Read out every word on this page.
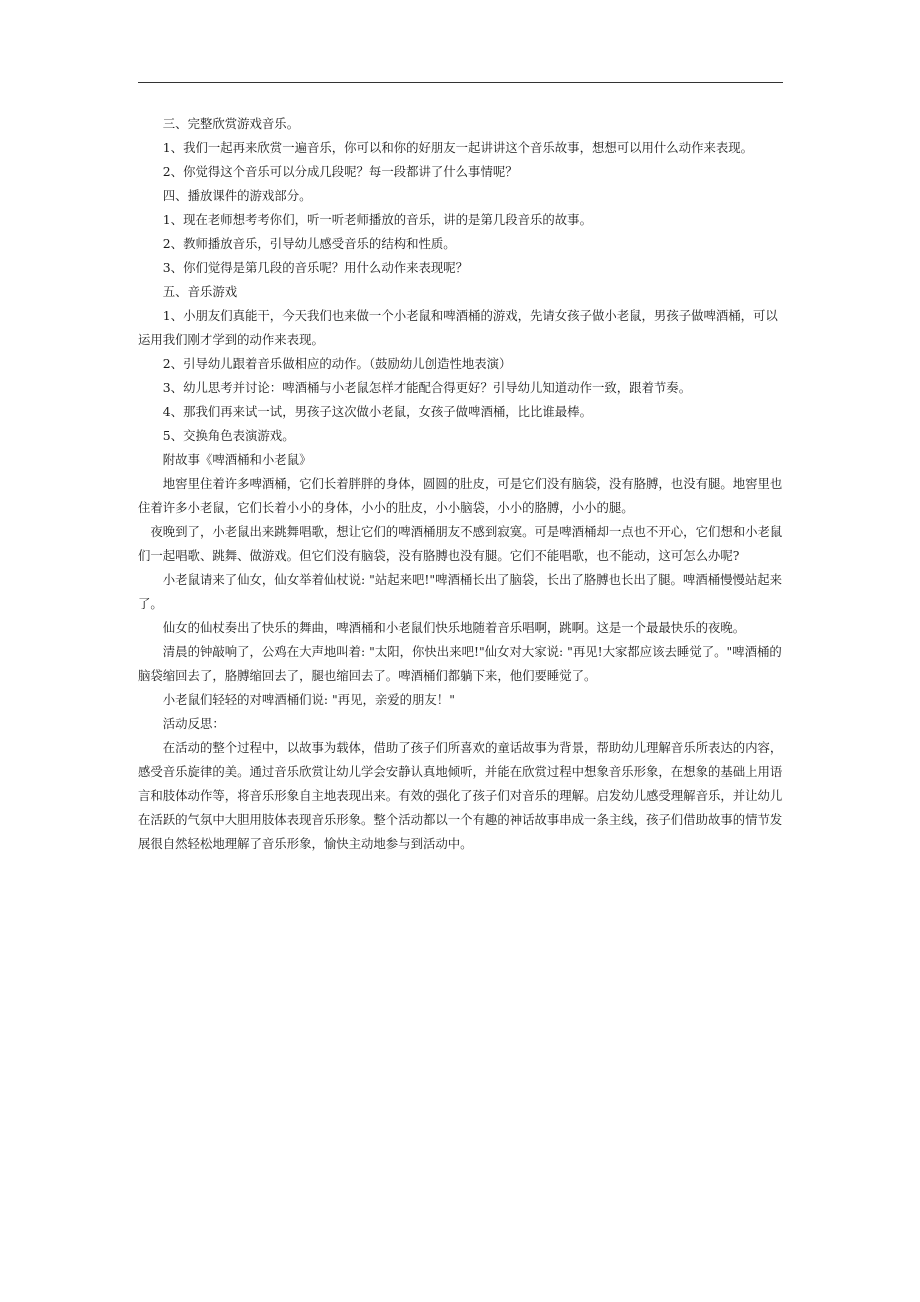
三、完整欣赏游戏音乐。

1、我们一起再来欣赏一遍音乐，你可以和你的好朋友一起讲讲这个音乐故事，想想可以用什么动作来表现。

2、你觉得这个音乐可以分成几段呢？每一段都讲了什么事情呢？

四、播放课件的游戏部分。

1、现在老师想考考你们，听一听老师播放的音乐，讲的是第几段音乐的故事。

2、教师播放音乐，引导幼儿感受音乐的结构和性质。

3、你们觉得是第几段的音乐呢？用什么动作来表现呢？

五、音乐游戏

1、小朋友们真能干，今天我们也来做一个小老鼠和啤酒桶的游戏，先请女孩子做小老鼠，男孩子做啤酒桶，可以运用我们刚才学到的动作来表现。

2、引导幼儿跟着音乐做相应的动作。（鼓励幼儿创造性地表演）

3、幼儿思考并讨论：啤酒桶与小老鼠怎样才能配合得更好？引导幼儿知道动作一致，跟着节奏。

4、那我们再来试一试，男孩子这次做小老鼠，女孩子做啤酒桶，比比谁最棒。

5、交换角色表演游戏。

附故事《啤酒桶和小老鼠》

地窖里住着许多啤酒桶，它们长着胖胖的身体，圆圆的肚皮，可是它们没有脑袋，没有胳膊，也没有腿。地窖里也住着许多小老鼠，它们长着小小的身体，小小的肚皮，小小脑袋，小小的胳膊，小小的腿。

夜晚到了，小老鼠出来跳舞唱歌，想让它们的啤酒桶朋友不感到寂寞。可是啤酒桶却一点也不开心，它们想和小老鼠们一起唱歌、跳舞、做游戏。但它们没有脑袋，没有胳膊也没有腿。它们不能唱歌，也不能动，这可怎么办呢?

小老鼠请来了仙女，仙女举着仙杖说: "站起来吧!"啤酒桶长出了脑袋，长出了胳膊也长出了腿。啤酒桶慢慢站起来了。

仙女的仙杖奏出了快乐的舞曲，啤酒桶和小老鼠们快乐地随着音乐唱啊，跳啊。这是一个最最快乐的夜晚。

清晨的钟敲响了，公鸡在大声地叫着: "太阳，你快出来吧!"仙女对大家说: "再见!大家都应该去睡觉了。"啤酒桶的脑袋缩回去了，胳膊缩回去了，腿也缩回去了。啤酒桶们都躺下来，他们要睡觉了。

小老鼠们轻轻的对啤酒桶们说: "再见，亲爱的朋友！"

活动反思：

在活动的整个过程中，以故事为载体，借助了孩子们所喜欢的童话故事为背景，帮助幼儿理解音乐所表达的内容，感受音乐旋律的美。通过音乐欣赏让幼儿学会安静认真地倾听，并能在欣赏过程中想象音乐形象，在想象的基础上用语言和肢体动作等，将音乐形象自主地表现出来。有效的强化了孩子们对音乐的理解。启发幼儿感受理解音乐，并让幼儿在活跃的气氛中大胆用肢体表现音乐形象。整个活动都以一个有趣的神话故事串成一条主线，孩子们借助故事的情节发展很自然轻松地理解了音乐形象，愉快主动地参与到活动中。
